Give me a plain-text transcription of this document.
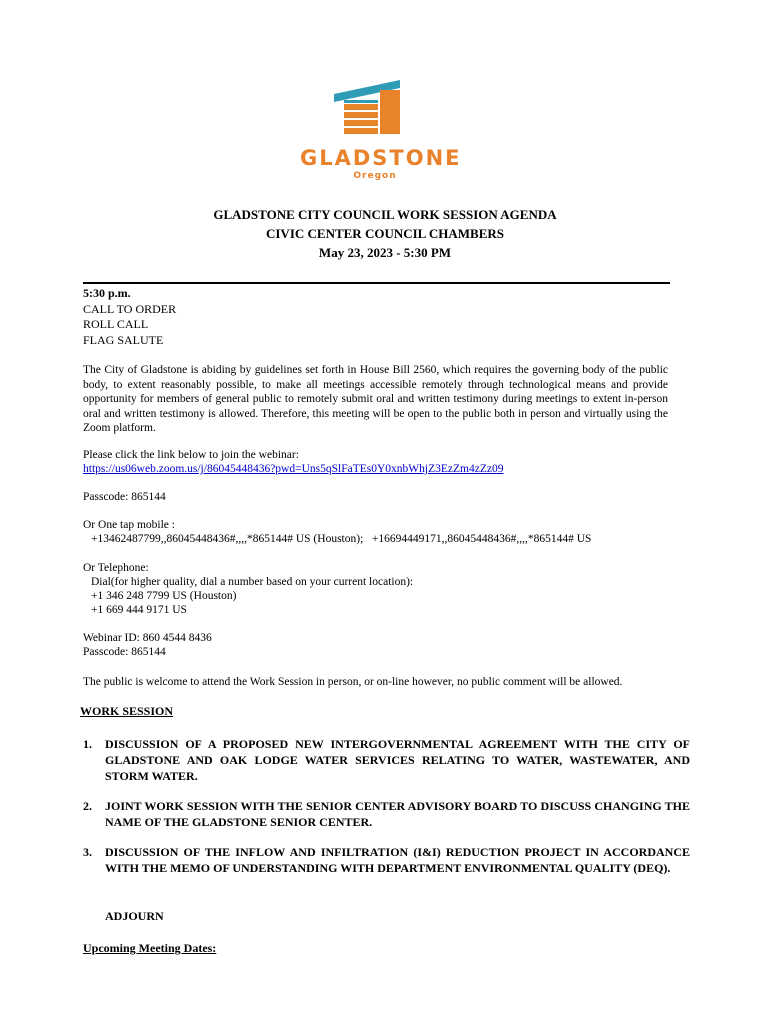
GLADSTONE
Oregon
GLADSTONE CITY COUNCIL WORK SESSION AGENDA
CIVIC CENTER COUNCIL CHAMBERS
May 23, 2023 - 5:30 PM
5:30 p.m.
CALL TO ORDER
ROLL CALL
FLAG SALUTE
The City of Gladstone is abiding by guidelines set forth in House Bill 2560, which requires the governing body of the public body, to extent reasonably possible, to make all meetings accessible remotely through technological means and provide opportunity for members of general public to remotely submit oral and written testimony during meetings to extent in-person oral and written testimony is allowed. Therefore, this meeting will be open to the public both in person and virtually using the Zoom platform.
Please click the link below to join the webinar:
https://us06web.zoom.us/j/86045448436?pwd=Uns5qSlFaTEs0Y0xnbWhjZ3EzZm4zZz09
Passcode: 865144
Or One tap mobile :
+13462487799,,86045448436#,,,,*865144# US (Houston);   +16694449171,,86045448436#,,,,*865144# US
Or Telephone:
Dial(for higher quality, dial a number based on your current location):
+1 346 248 7799 US (Houston)
+1 669 444 9171 US
Webinar ID: 860 4544 8436
Passcode: 865144
The public is welcome to attend the Work Session in person, or on-line however, no public comment will be allowed.
WORK SESSION
1. DISCUSSION OF A PROPOSED NEW INTERGOVERNMENTAL AGREEMENT WITH THE CITY OF GLADSTONE AND OAK LODGE WATER SERVICES RELATING TO WATER, WASTEWATER, AND STORM WATER.
2. JOINT WORK SESSION WITH THE SENIOR CENTER ADVISORY BOARD TO DISCUSS CHANGING THE NAME OF THE GLADSTONE SENIOR CENTER.
3. DISCUSSION OF THE INFLOW AND INFILTRATION (I&I) REDUCTION PROJECT IN ACCORDANCE WITH THE MEMO OF UNDERSTANDING WITH DEPARTMENT ENVIRONMENTAL QUALITY (DEQ).
ADJOURN
Upcoming Meeting Dates:
